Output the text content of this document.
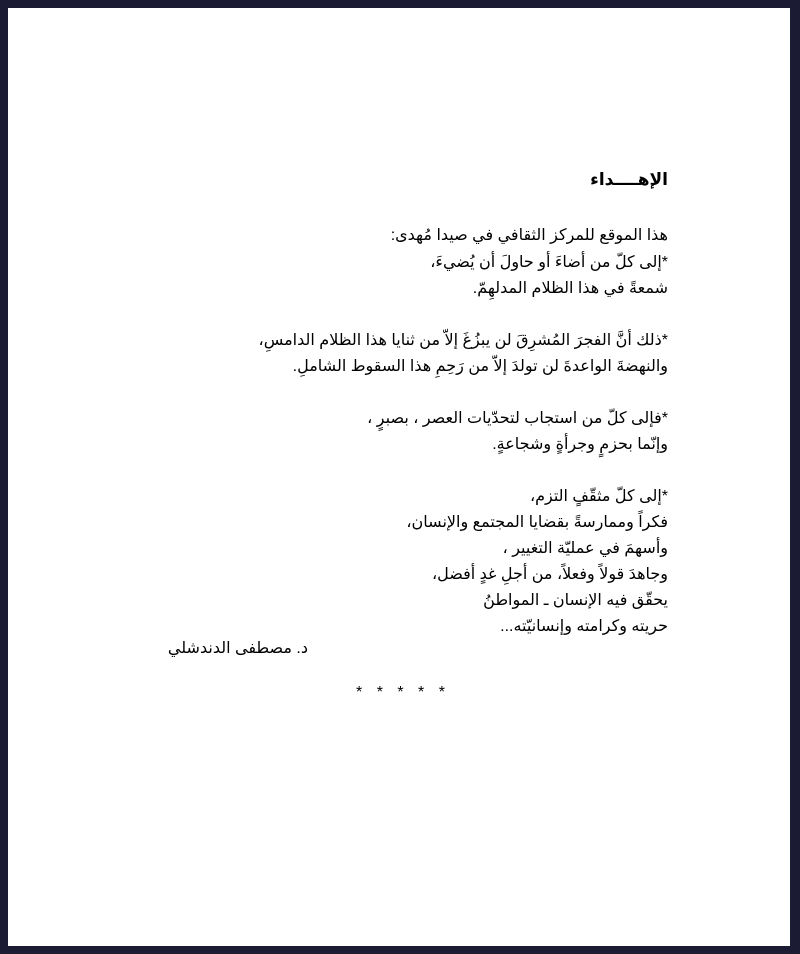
الإهــــداء
هذا الموقع للمركز الثقافي في صيدا مُهدى:
*إلى كلّ من أضاءَ أو حاولَ أن يُضيءَ،
شمعةً في هذا الظلام المدلهِمّ.
*ذلك أنَّ الفجرَ المُشرِقَ لن يبزُغَ إلاّ من ثنايا هذا الظلام الدامسِ،
والنهضةَ الواعدةَ لن تولدَ إلاّ من رَحِمِ هذا السقوط الشاملِ.
*فإلى كلّ من استجاب لتحدّيات العصر ، بصبرٍ ،
وإنّما بحزمٍ وجرأةٍ وشجاعةٍ.
*إلى كلّ مثقّفٍ التزم،
فكراً وممارسةً بقضايا المجتمع والإنسان،
وأسهمَ في عمليّة التغيير ،
وجاهدَ قولاً وفعلاً، من أجلِ غدٍ أفضل،
يحقّق فيه الإنسان ـ المواطنُ
حريته وكرامته وإنسانيّته...
د. مصطفى الدندشلي
* * * * *
